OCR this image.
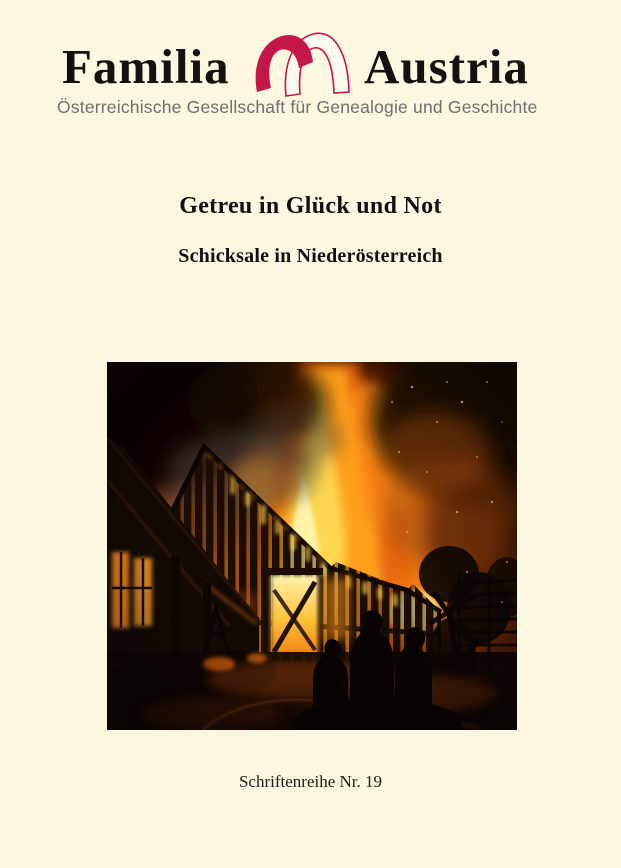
Familia	Austria
Österreichische Gesellschaft für Genealogie und Geschichte
Getreu in Glück und Not
Schicksale in Niederösterreich
Schriftenreihe Nr. 19
